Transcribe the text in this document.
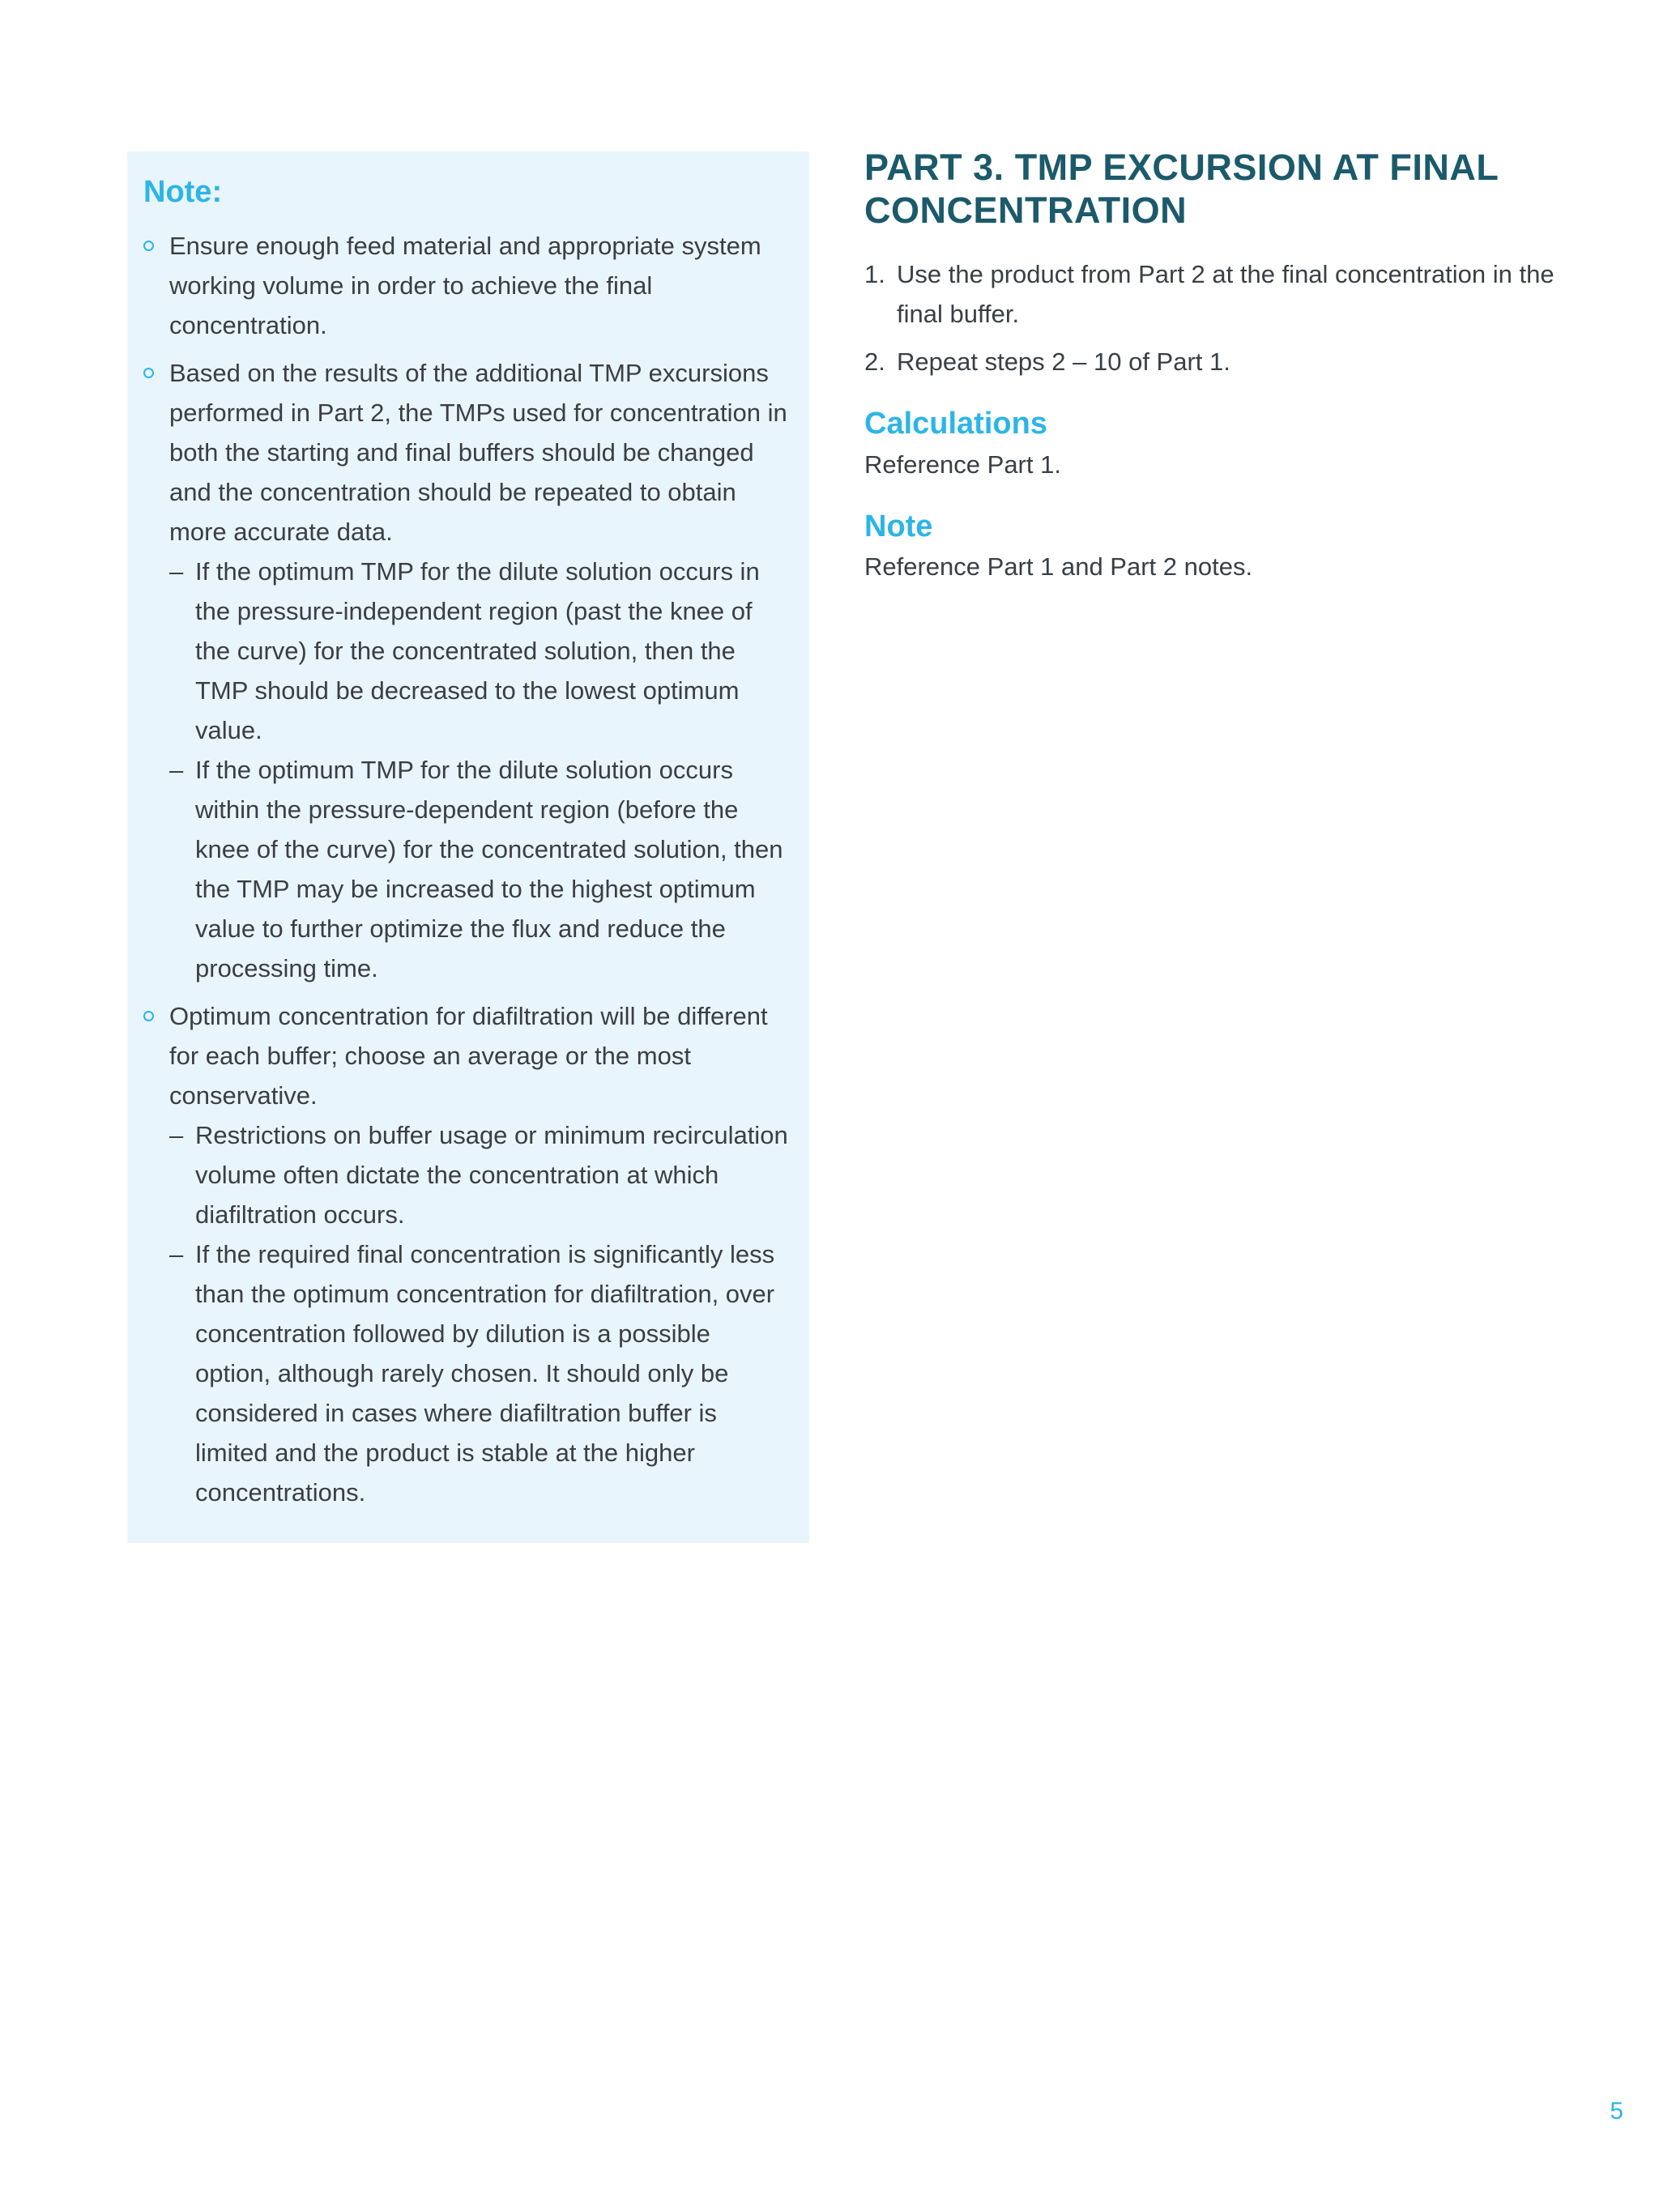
Note:
Ensure enough feed material and appropriate system working volume in order to achieve the final concentration.
Based on the results of the additional TMP excursions performed in Part 2, the TMPs used for concentration in both the starting and final buffers should be changed and the concentration should be repeated to obtain more accurate data.
– If the optimum TMP for the dilute solution occurs in the pressure-independent region (past the knee of the curve) for the concentrated solution, then the TMP should be decreased to the lowest optimum value.
– If the optimum TMP for the dilute solution occurs within the pressure-dependent region (before the knee of the curve) for the concentrated solution, then the TMP may be increased to the highest optimum value to further optimize the flux and reduce the processing time.
Optimum concentration for diafiltration will be different for each buffer; choose an average or the most conservative.
– Restrictions on buffer usage or minimum recirculation volume often dictate the concentration at which diafiltration occurs.
– If the required final concentration is significantly less than the optimum concentration for diafiltration, over concentration followed by dilution is a possible option, although rarely chosen. It should only be considered in cases where diafiltration buffer is limited and the product is stable at the higher concentrations.
PART 3. TMP EXCURSION AT FINAL CONCENTRATION
1. Use the product from Part 2 at the final concentration in the final buffer.
2. Repeat steps 2 – 10 of Part 1.
Calculations

Reference Part 1.

Note

Reference Part 1 and Part 2 notes.

5
